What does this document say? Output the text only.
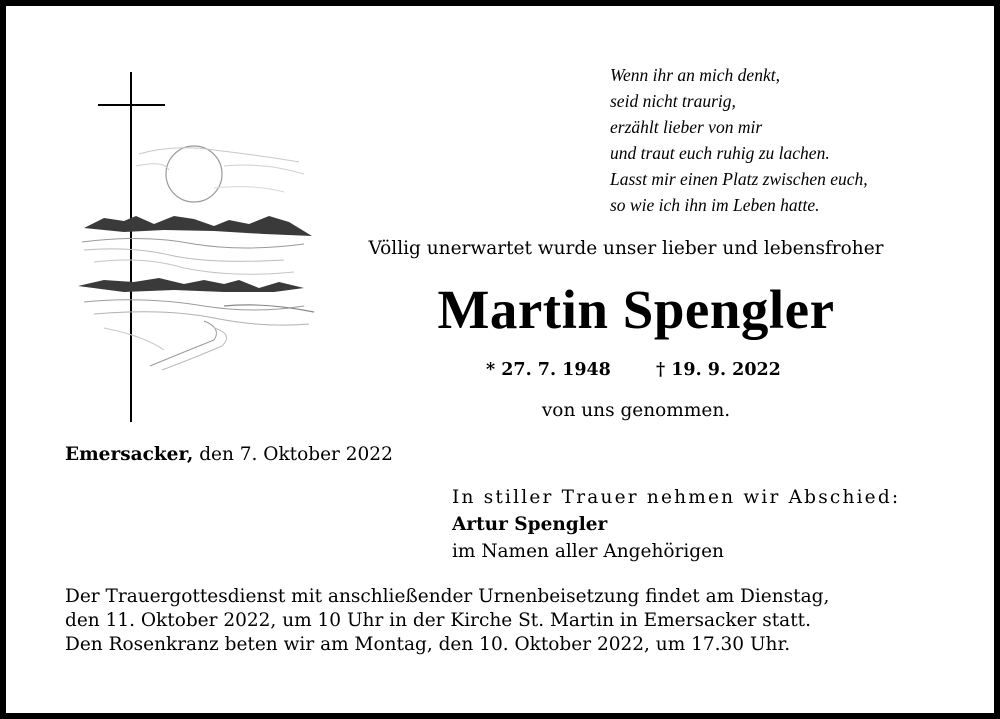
Wenn ihr an mich denkt,
seid nicht traurig,
erzählt lieber von mir
und traut euch ruhig zu lachen.
Lasst mir einen Platz zwischen euch,
so wie ich ihn im Leben hatte.
Völlig unerwartet wurde unser lieber und lebensfroher
Martin Spengler
* 27. 7. 1948	† 19. 9. 2022
von uns genommen.
Emersacker, den 7. Oktober 2022
In stiller Trauer nehmen wir Abschied:
Artur Spengler
im Namen aller Angehörigen
Der Trauergottesdienst mit anschließender Urnenbeisetzung findet am Dienstag,
den 11. Oktober 2022, um 10 Uhr in der Kirche St. Martin in Emersacker statt.
Den Rosenkranz beten wir am Montag, den 10. Oktober 2022, um 17.30 Uhr.
